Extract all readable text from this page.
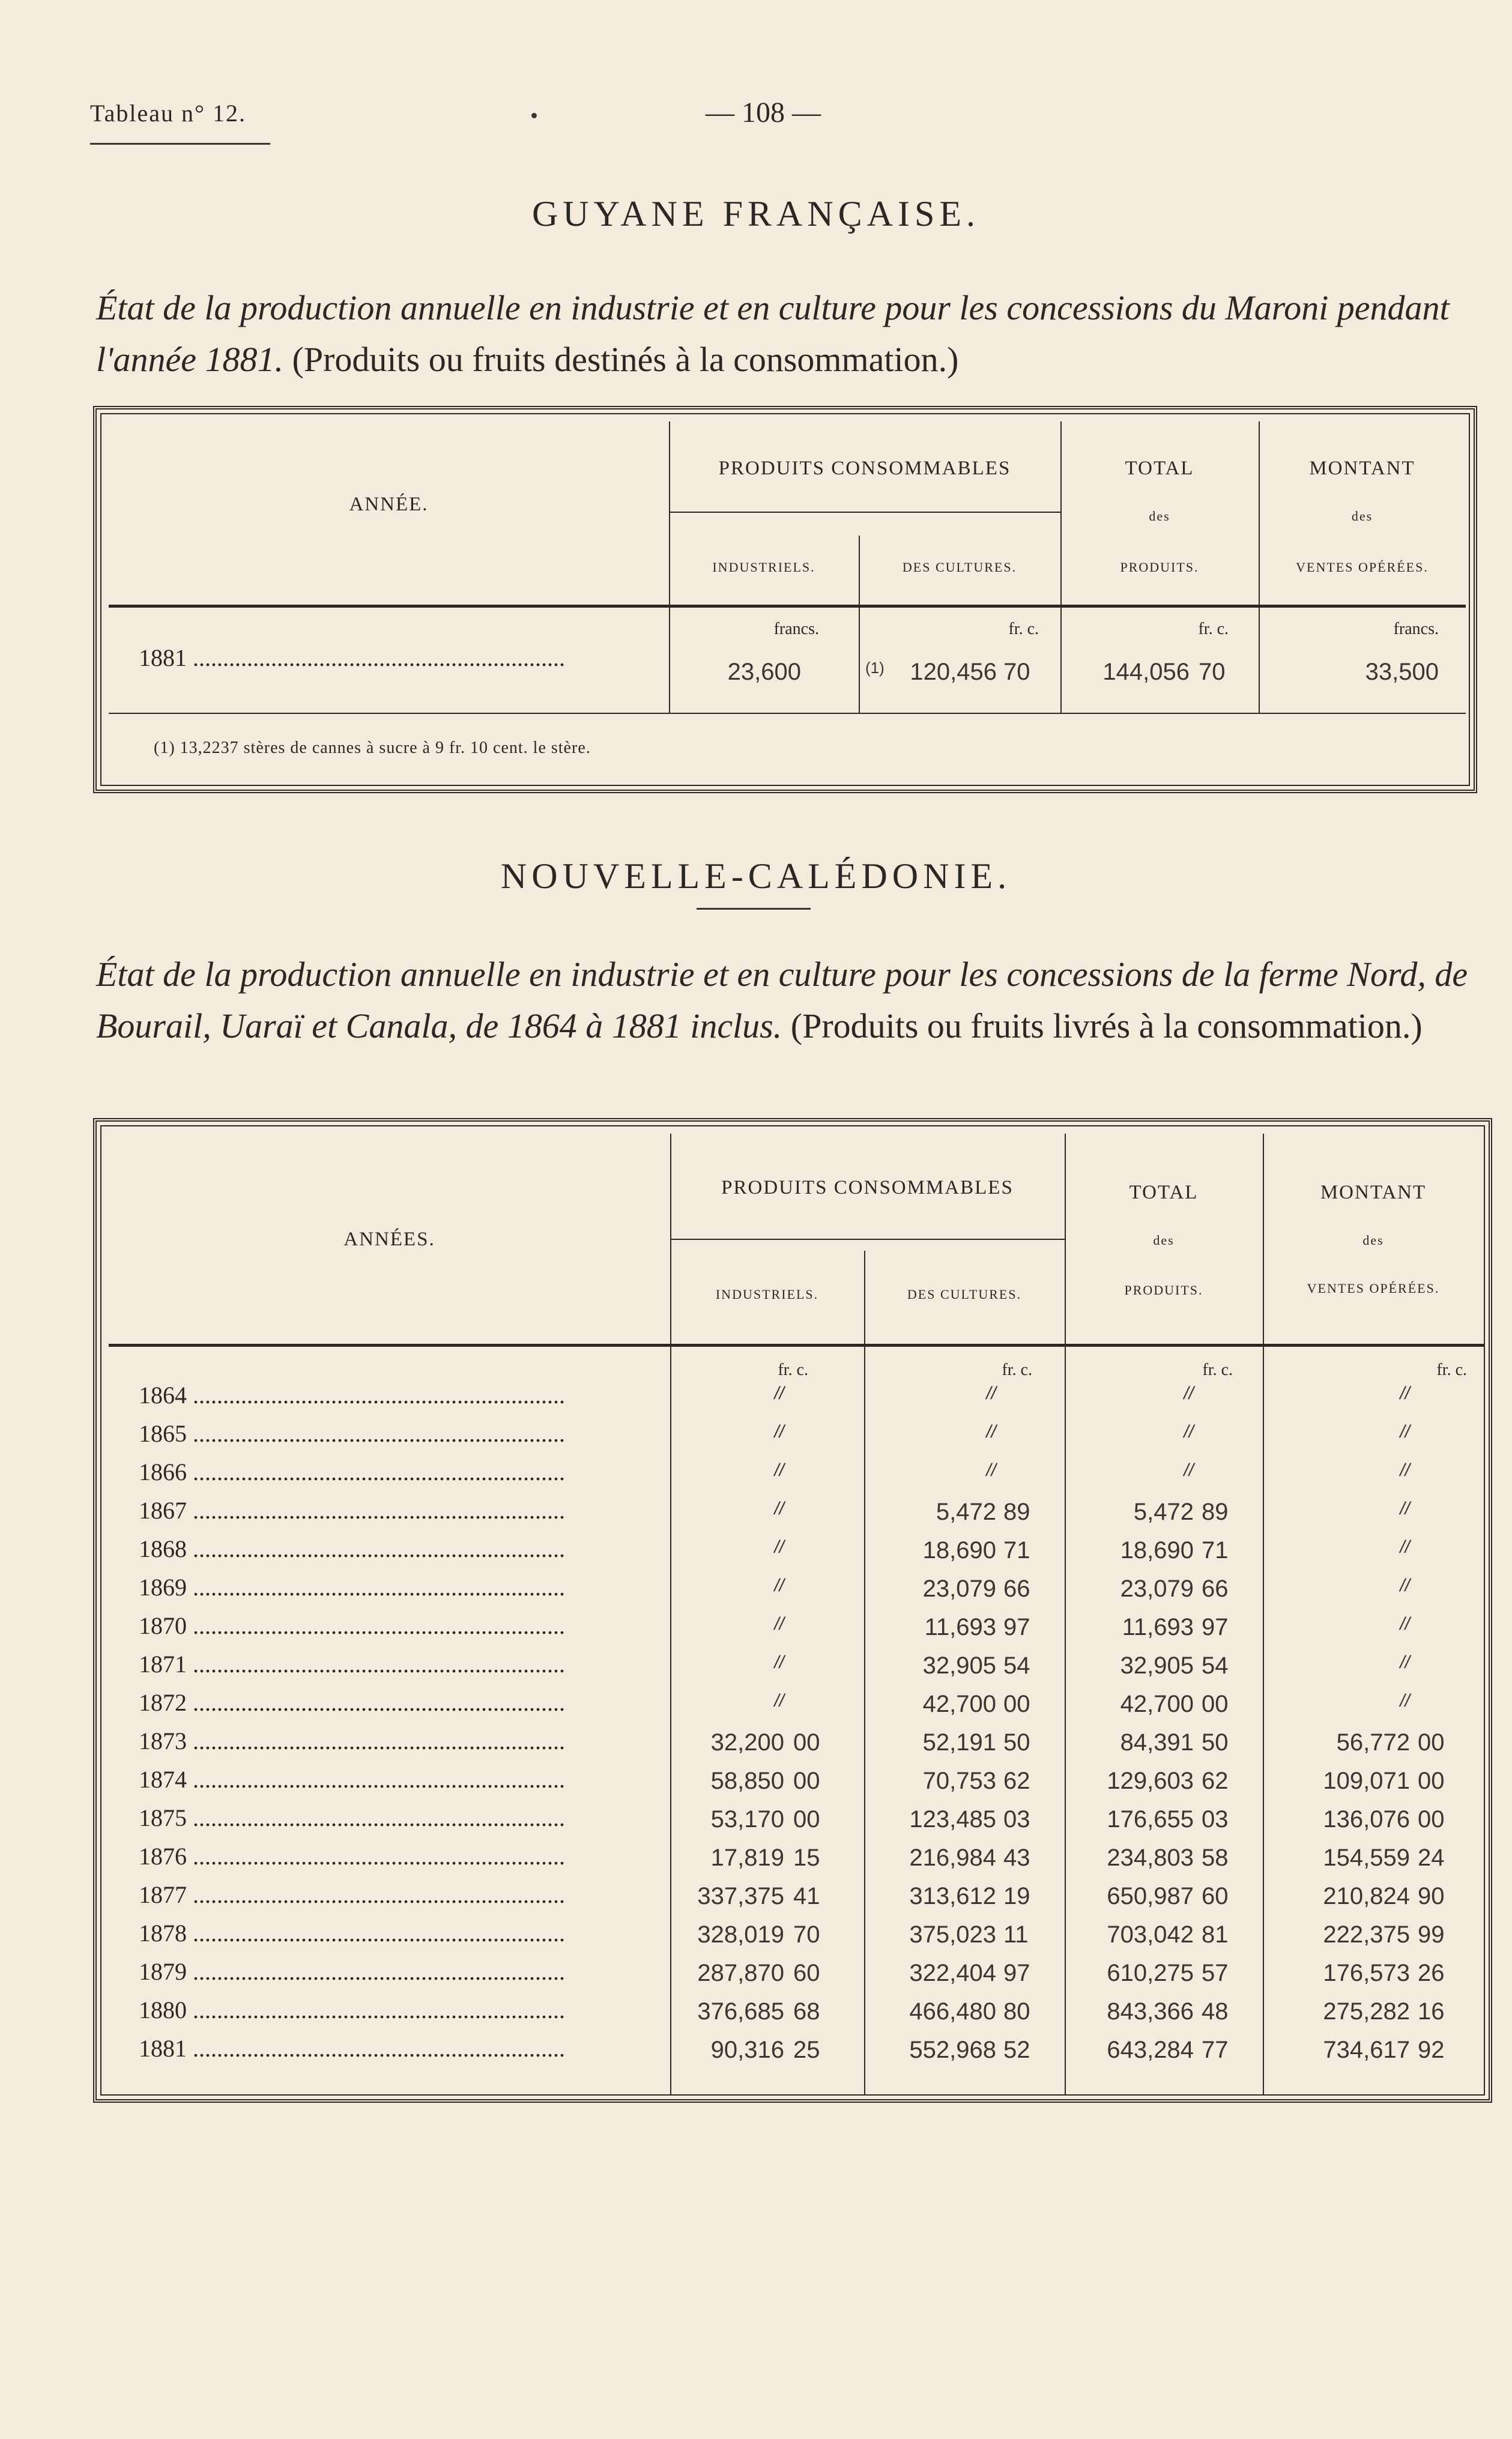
Tableau n° 12.	— 108 —
GUYANE FRANÇAISE.
État de la production annuelle en industrie et en culture pour les concessions du Maroni pendant l'année 1881. (Produits ou fruits destinés à la consommation.)
ANNÉE.
PRODUITS CONSOMMABLES
INDUSTRIELS.	DES CULTURES.
TOTAL
des
PRODUITS.
MONTANT
des
VENTES OPÉRÉES.
francs.	fr. c.	fr. c.	francs.
1881 ..............................................................
23,600	(1)	120,456 70	144,056 70	33,500
(1) 13,2237 stères de cannes à sucre à 9 fr. 10 cent. le stère.
NOUVELLE-CALÉDONIE.
État de la production annuelle en industrie et en culture pour les concessions de la ferme Nord, de Bourail, Uaraï et Canala, de 1864 à 1881 inclus. (Produits ou fruits livrés à la consommation.)
ANNÉES.
PRODUITS CONSOMMABLES
INDUSTRIELS.	DES CULTURES.
TOTAL
des
PRODUITS.
MONTANT
des
VENTES OPÉRÉES.
fr. c.	fr. c.	fr. c.	fr. c.
1864 ..............................................................	//	//	//	//
1865 ..............................................................	//	//	//	//
1866 ..............................................................	//	//	//	//
1867 ..............................................................	//	5,472 89	5,472 89	//
1868 ..............................................................	//	18,690 71	18,690 71	//
1869 ..............................................................	//	23,079 66	23,079 66	//
1870 ..............................................................	//	11,693 97	11,693 97	//
1871 ..............................................................	//	32,905 54	32,905 54	//
1872 ..............................................................	//	42,700 00	42,700 00	//
1873 ..............................................................	32,200 00	52,191 50	84,391 50	56,772 00
1874 ..............................................................	58,850 00	70,753 62	129,603 62	109,071 00
1875 ..............................................................	53,170 00	123,485 03	176,655 03	136,076 00
1876 ..............................................................	17,819 15	216,984 43	234,803 58	154,559 24
1877 ..............................................................	337,375 41	313,612 19	650,987 60	210,824 90
1878 ..............................................................	328,019 70	375,023 11	703,042 81	222,375 99
1879 ..............................................................	287,870 60	322,404 97	610,275 57	176,573 26
1880 ..............................................................	376,685 68	466,480 80	843,366 48	275,282 16
1881 ..............................................................	90,316 25	552,968 52	643,284 77	734,617 92
